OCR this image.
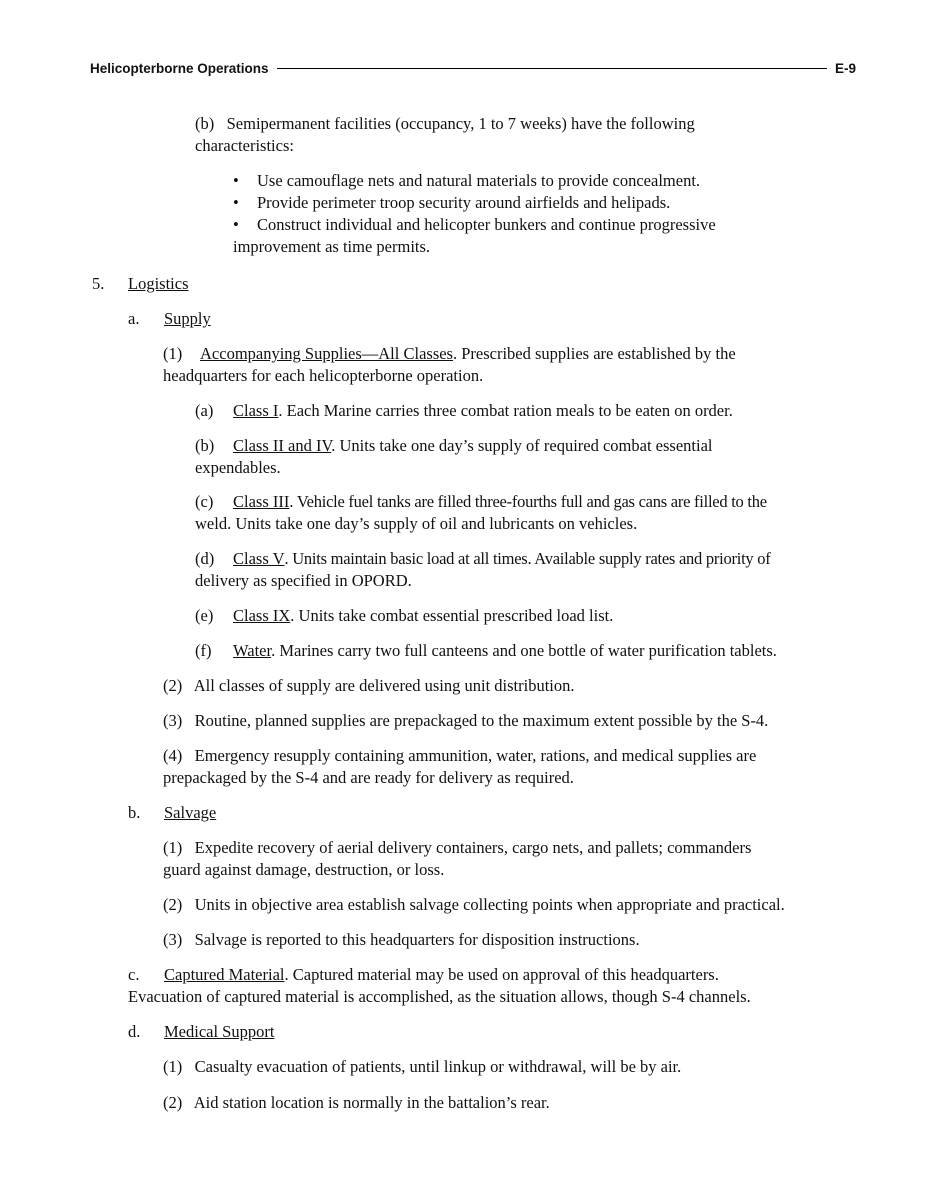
Helicopterborne Operations	E-9
(b)   Semipermanent facilities (occupancy, 1 to 7 weeks) have the following
characteristics:
• Use camouflage nets and natural materials to provide concealment.
• Provide perimeter troop security around airfields and helipads.
• Construct individual and helicopter bunkers and continue progressive
improvement as time permits.
5. Logistics
a. Supply
(1) Accompanying Supplies—All Classes. Prescribed supplies are established by the
headquarters for each helicopterborne operation.
(a) Class I. Each Marine carries three combat ration meals to be eaten on order.
(b) Class II and IV. Units take one day’s supply of required combat essential
expendables.
(c) Class III. Vehicle fuel tanks are filled three-fourths full and gas cans are filled to the
weld. Units take one day’s supply of oil and lubricants on vehicles.
(d) Class V. Units maintain basic load at all times. Available supply rates and priority of
delivery as specified in OPORD.
(e) Class IX. Units take combat essential prescribed load list.
(f) Water. Marines carry two full canteens and one bottle of water purification tablets.
(2)   All classes of supply are delivered using unit distribution.
(3)   Routine, planned supplies are prepackaged to the maximum extent possible by the S-4.
(4)   Emergency resupply containing ammunition, water, rations, and medical supplies are
prepackaged by the S-4 and are ready for delivery as required.
b. Salvage
(1)   Expedite recovery of aerial delivery containers, cargo nets, and pallets; commanders
guard against damage, destruction, or loss.
(2)   Units in objective area establish salvage collecting points when appropriate and practical.
(3)   Salvage is reported to this headquarters for disposition instructions.
c. Captured Material. Captured material may be used on approval of this headquarters.
Evacuation of captured material is accomplished, as the situation allows, though S-4 channels.
d. Medical Support
(1)   Casualty evacuation of patients, until linkup or withdrawal, will be by air.
(2)   Aid station location is normally in the battalion’s rear.
